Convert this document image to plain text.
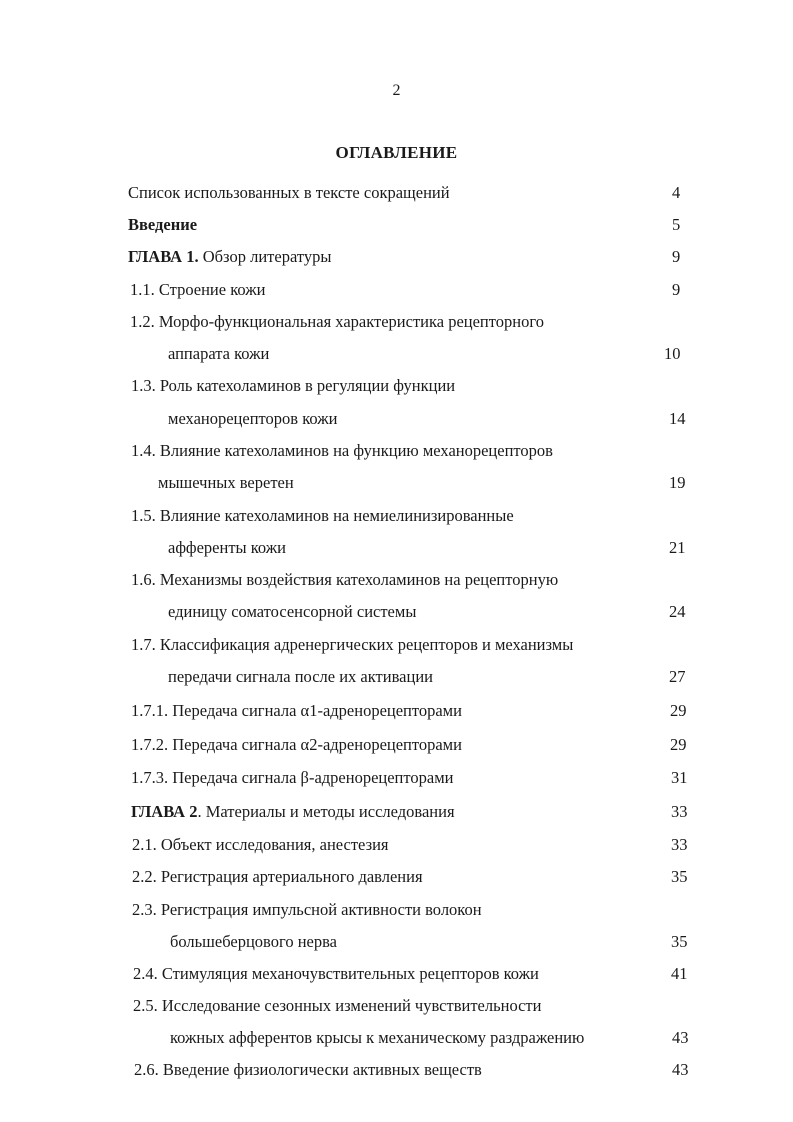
2
ОГЛАВЛЕНИЕ
Список использованных в тексте сокращений	4
Введение	5
ГЛАВА 1. Обзор литературы	9
1.1. Строение кожи	9
1.2. Морфо-функциональная характеристика рецепторного
аппарата кожи	10
1.3. Роль катехоламинов в регуляции функции
механорецепторов кожи	14
1.4. Влияние катехоламинов на функцию механорецепторов
мышечных веретен	19
1.5. Влияние катехоламинов на немиелинизированные
афференты кожи	21
1.6. Механизмы воздействия катехоламинов на рецепторную
единицу соматосенсорной системы	24
1.7. Классификация адренергических рецепторов и механизмы
передачи сигнала после их активации	27
1.7.1. Передача сигнала α1-адренорецепторами	29
1.7.2. Передача сигнала α2-адренорецепторами	29
1.7.3. Передача сигнала β-адренорецепторами	31
ГЛАВА 2. Материалы и методы исследования	33
2.1. Объект исследования, анестезия	33
2.2. Регистрация артериального давления	35
2.3. Регистрация импульсной активности волокон
большеберцового нерва	35
2.4. Стимуляция механочувствительных рецепторов кожи	41
2.5. Исследование сезонных изменений чувствительности
кожных афферентов крысы к механическому раздражению	43
2.6. Введение физиологически активных веществ	43
